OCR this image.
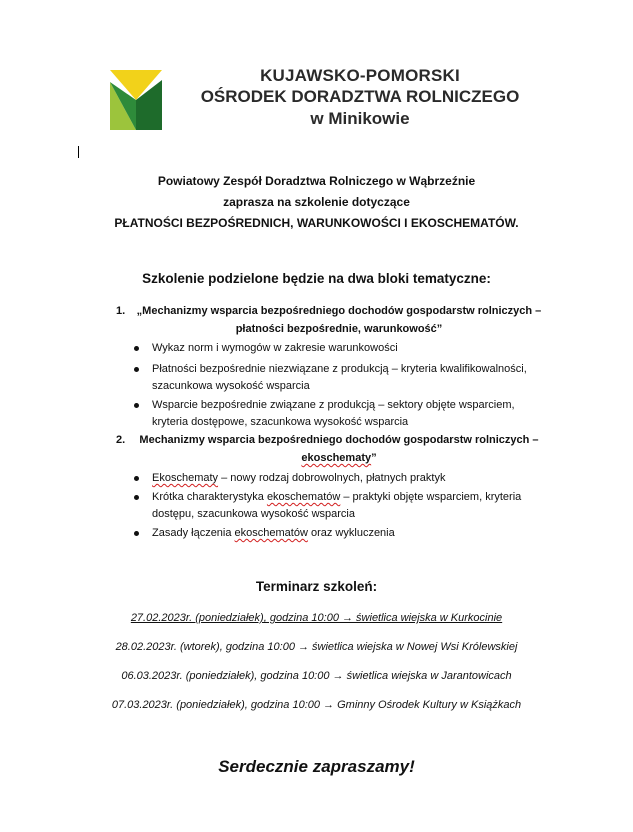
KUJAWSKO-POMORSKI
OŚRODEK DORADZTWA ROLNICZEGO
w Minikowie
Powiatowy Zespół Doradztwa Rolniczego w Wąbrzeźnie
zaprasza na szkolenie dotyczące
PŁATNOŚCI BEZPOŚREDNICH, WARUNKOWOŚCI I EKOSCHEMATÓW.
Szkolenie podzielone będzie na dwa bloki tematyczne:
1. „Mechanizmy wsparcia bezpośredniego dochodów gospodarstw rolniczych –
płatności bezpośrednie, warunkowość”
Wykaz norm i wymogów w zakresie warunkowości
Płatności bezpośrednie niezwiązane z produkcją – kryteria kwalifikowalności,
szacunkowa wysokość wsparcia
Wsparcie bezpośrednie związane z produkcją – sektory objęte wsparciem,
kryteria dostępowe, szacunkowa wysokość wsparcia
2.	Mechanizmy wsparcia bezpośredniego dochodów gospodarstw rolniczych –
ekoschematy”
Ekoschematy – nowy rodzaj dobrowolnych, płatnych praktyk
Krótka charakterystyka ekoschematów – praktyki objęte wsparciem, kryteria
dostępu, szacunkowa wysokość wsparcia
Zasady łączenia ekoschematów oraz wykluczenia
Terminarz szkoleń:
27.02.2023r. (poniedziałek), godzina 10:00 → świetlica wiejska w Kurkocinie
28.02.2023r. (wtorek), godzina 10:00 → świetlica wiejska w Nowej Wsi Królewskiej
06.03.2023r. (poniedziałek), godzina 10:00 → świetlica wiejska w Jarantowicach
07.03.2023r. (poniedziałek), godzina 10:00 → Gminny Ośrodek Kultury w Książkach
Serdecznie zapraszamy!
